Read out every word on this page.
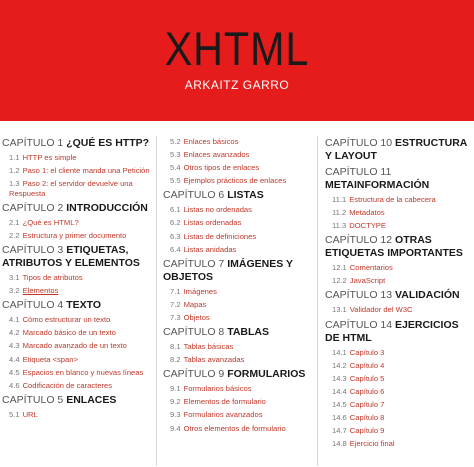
XHTML
ARKAITZ GARRO
CAPÍTULO 1 ¿QUÉ ES HTTP?
1.1 HTTP es simple
1.2 Paso 1: el cliente manda una Petición
1.3 Paso 2: el servidor devuelve una Respuesta
CAPÍTULO 2 INTRODUCCIÓN
2.1 ¿Qué es HTML?
2.2 Estructura y primer documento
CAPÍTULO 3 ETIQUETAS, ATRIBUTOS Y ELEMENTOS
3.1 Tipos de atributos
3.2 Elementos
CAPÍTULO 4 TEXTO
4.1 Cómo estructurar un texto
4.2 Marcado básico de un texto
4.3 Marcado avanzado de un texto
4.4 Etiqueta <span>
4.5 Espacios en blanco y nuevas líneas
4.6 Codificación de caracteres
CAPÍTULO 5 ENLACES
5.1 URL
5.2 Enlaces básicos
5.3 Enlaces avanzados
5.4 Otros tipos de enlaces
5.5 Ejemplos prácticos de enlaces
CAPÍTULO 6 LISTAS
6.1 Listas no ordenadas
6.2 Listas ordenadas
6.3 Listas de definiciones
6.4 Listas anidadas
CAPÍTULO 7 IMÁGENES Y OBJETOS
7.1 Imágenes
7.2 Mapas
7.3 Objetos
CAPÍTULO 8 TABLAS
8.1 Tablas básicas
8.2 Tablas avanzadas
CAPÍTULO 9 FORMULARIOS
9.1 Formularios básicos
9.2 Elementos de formulario
9.3 Formularios avanzados
9.4 Otros elementos de formulario
CAPÍTULO 10 ESTRUCTURA Y LAYOUT
CAPÍTULO 11 METAINFORMACIÓN
11.1 Estructura de la cabecera
11.2 Metadatos
11.3 DOCTYPE
CAPÍTULO 12 OTRAS ETIQUETAS IMPORTANTES
12.1 Comentarios
12.2 JavaScript
CAPÍTULO 13 VALIDACIÓN
13.1 Validador del W3C
CAPÍTULO 14 EJERCICIOS DE HTML
14.1 Capítulo 3
14.2 Capítulo 4
14.3 Capítulo 5
14.4 Capítulo 6
14.5 Capítulo 7
14.6 Capítulo 8
14.7 Capítulo 9
14.8 Ejercicio final
